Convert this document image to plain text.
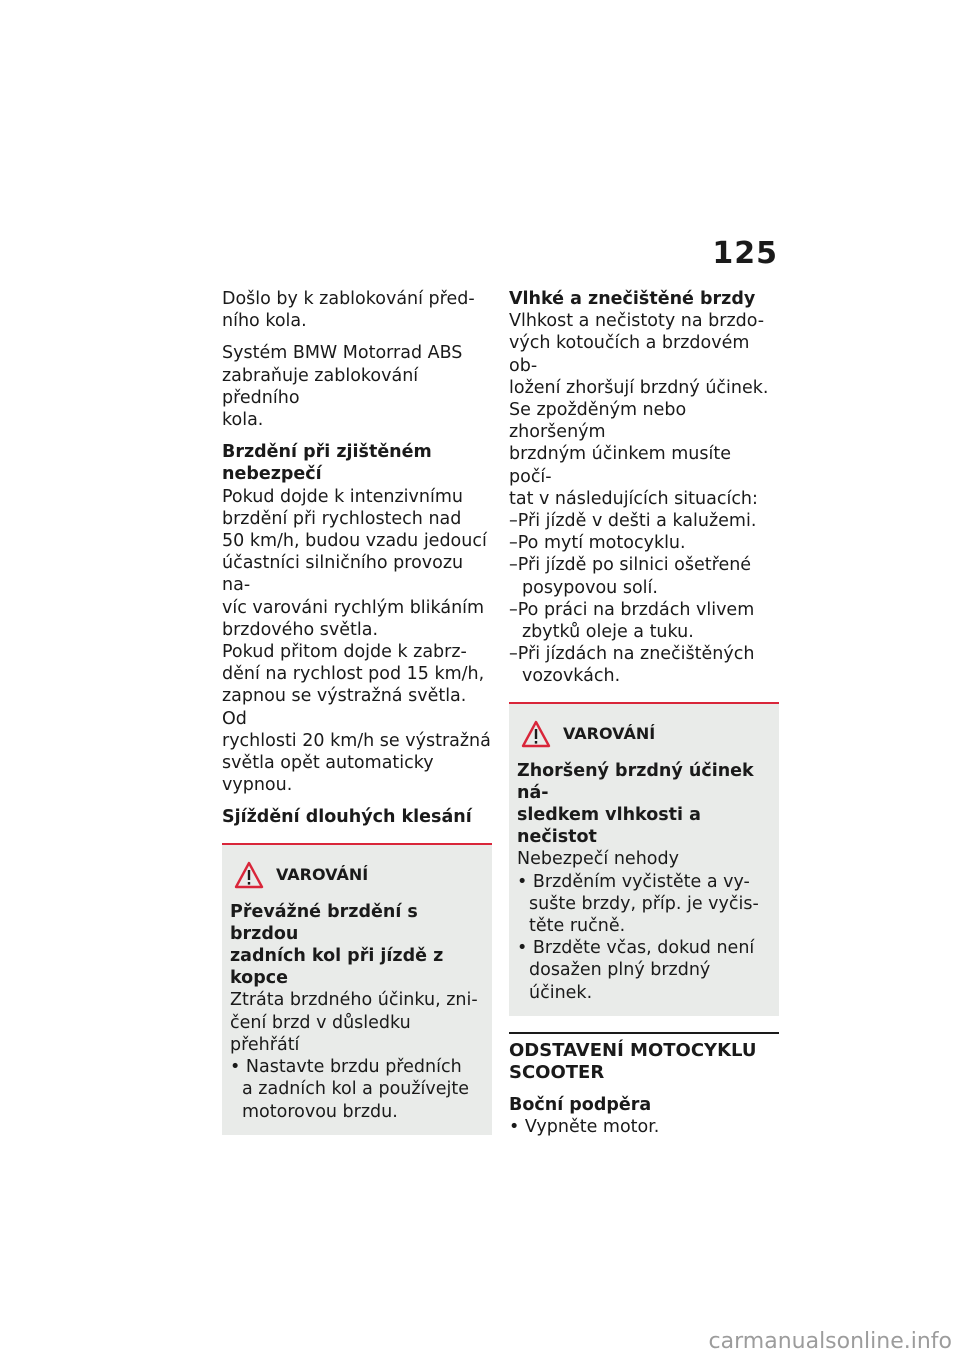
125

Došlo by k zablokování před-

ního kola.

Systém BMW Motorrad ABS

zabraňuje zablokování předního

kola.

Brzdění při zjištěném

nebezpečí

Pokud dojde k intenzivnímu

brzdění při rychlostech nad

50 km/h, budou vzadu jedoucí

účastníci silničního provozu na-

víc varováni rychlým blikáním

brzdového světla.

Pokud přitom dojde k zabrz-

dění na rychlost pod 15 km/h,

zapnou se výstražná světla. Od

rychlosti 20 km/h se výstražná

světla opět automaticky vypnou.

Sjíždění dlouhých klesání

VAROVÁNÍ

Převážné brzdění s brzdou

zadních kol při jízdě z kopce

Ztráta brzdného účinku, zni-

čení brzd v důsledku přehřátí

• Nastavte brzdu předních

a zadních kol a používejte

motorovou brzdu.

Vlhké a znečištěné brzdy

Vlhkost a nečistoty na brzdo-

vých kotoučích a brzdovém ob-

ložení zhoršují brzdný účinek.

Se zpožděným nebo zhoršeným

brzdným účinkem musíte počí-

tat v následujících situacích:

–Při jízdě v dešti a kalužemi.

–Po mytí motocyklu.

–Při jízdě po silnici ošetřené

posypovou solí.

–Po práci na brzdách vlivem

zbytků oleje a tuku.

–Při jízdách na znečištěných

vozovkách.

VAROVÁNÍ

Zhoršený brzdný účinek ná-

sledkem vlhkosti a nečistot

Nebezpečí nehody

• Brzděním vyčistěte a vy-

sušte brzdy, příp. je vyčis-

těte ručně.

• Brzděte včas, dokud není

dosažen plný brzdný účinek.

ODSTAVENÍ MOTOCYKLU

SCOOTER

Boční podpěra

• Vypněte motor.

carmanualsonline.info
